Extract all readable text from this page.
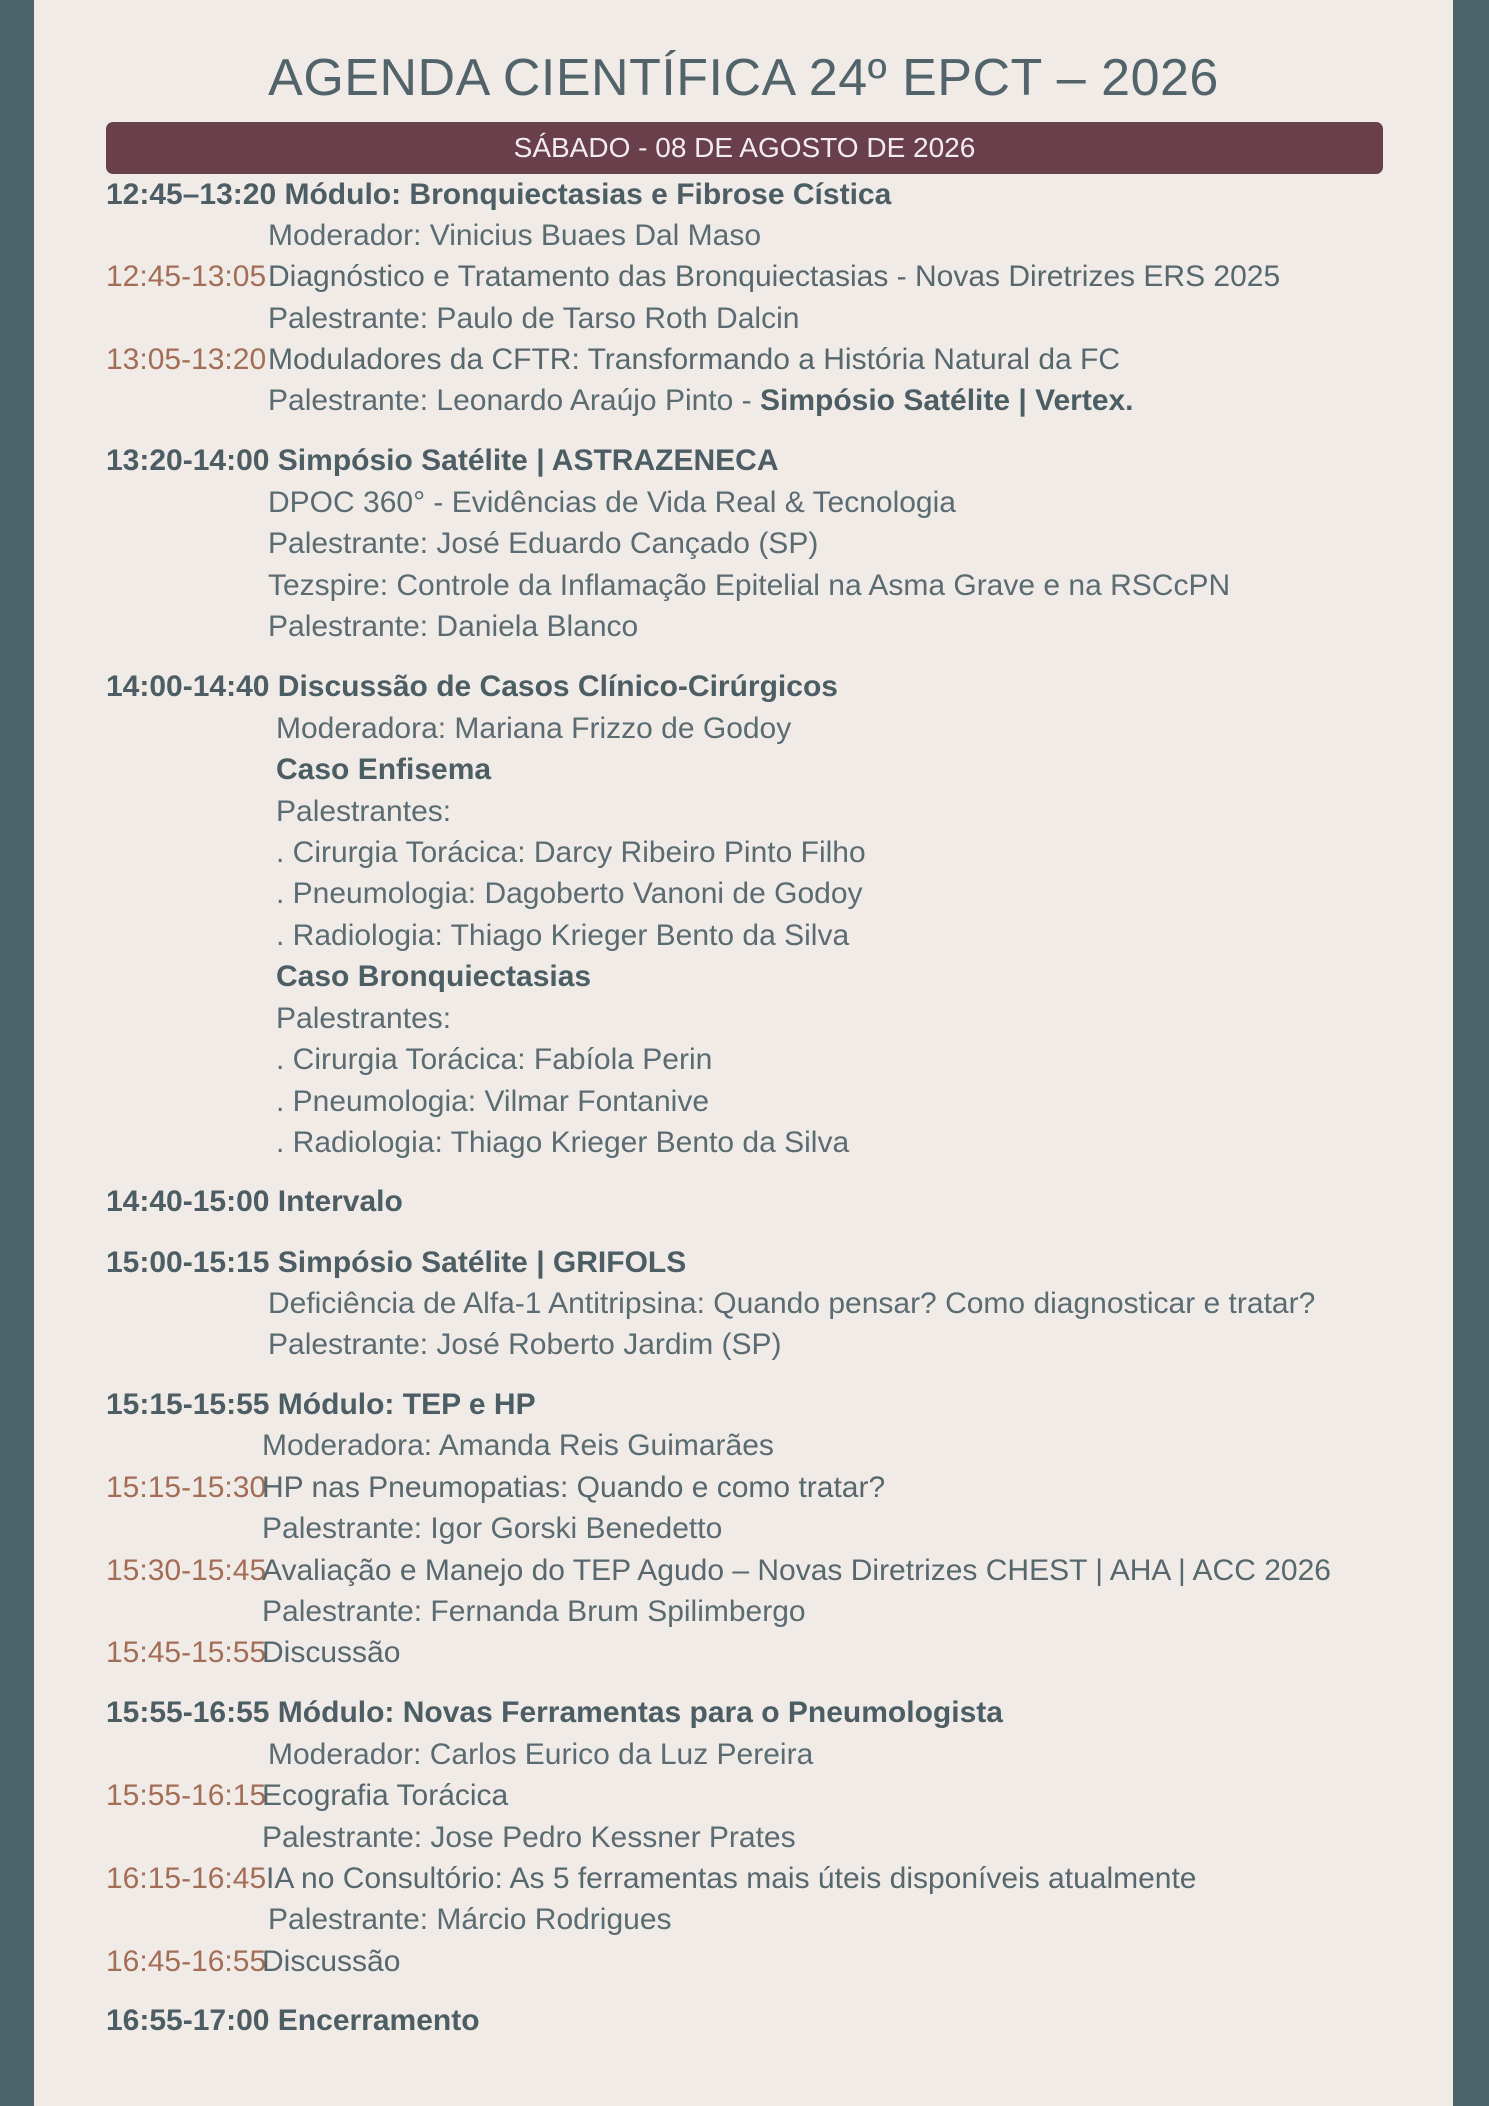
AGENDA CIENTÍFICA 24º EPCT – 2026
SÁBADO - 08 DE AGOSTO DE 2026
12:45–13:20 Módulo: Bronquiectasias e Fibrose Cística
Moderador: Vinicius Buaes Dal Maso
12:45-13:05 Diagnóstico e Tratamento das Bronquiectasias - Novas Diretrizes ERS 2025
Palestrante: Paulo de Tarso Roth Dalcin
13:05-13:20 Moduladores da CFTR: Transformando a História Natural da FC
Palestrante: Leonardo Araújo Pinto - Simpósio Satélite | Vertex.
13:20-14:00 Simpósio Satélite | ASTRAZENECA
DPOC 360° - Evidências de Vida Real & Tecnologia
Palestrante: José Eduardo Cançado (SP)
Tezspire: Controle da Inflamação Epitelial na Asma Grave e na RSCcPN
Palestrante: Daniela Blanco
14:00-14:40 Discussão de Casos Clínico-Cirúrgicos
Moderadora: Mariana Frizzo de Godoy
Caso Enfisema
Palestrantes:
. Cirurgia Torácica: Darcy Ribeiro Pinto Filho
. Pneumologia: Dagoberto Vanoni de Godoy
. Radiologia: Thiago Krieger Bento da Silva
Caso Bronquiectasias
Palestrantes:
. Cirurgia Torácica: Fabíola Perin
. Pneumologia: Vilmar Fontanive
. Radiologia: Thiago Krieger Bento da Silva
14:40-15:00 Intervalo
15:00-15:15 Simpósio Satélite | GRIFOLS
Deficiência de Alfa-1 Antitripsina: Quando pensar? Como diagnosticar e tratar?
Palestrante: José Roberto Jardim (SP)
15:15-15:55 Módulo: TEP e HP
Moderadora: Amanda Reis Guimarães
15:15-15:30
HP nas Pneumopatias: Quando e como tratar?
Palestrante: Igor Gorski Benedetto
15:30-15:45
Avaliação e Manejo do TEP Agudo – Novas Diretrizes CHEST | AHA | ACC 2026
Palestrante: Fernanda Brum Spilimbergo
15:45-15:55
Discussão
15:55-16:55 Módulo: Novas Ferramentas para o Pneumologista
Moderador: Carlos Eurico da Luz Pereira
15:55-16:15
Ecografia Torácica
Palestrante: Jose Pedro Kessner Prates
16:15-16:45 IA no Consultório: As 5 ferramentas mais úteis disponíveis atualmente
Palestrante: Márcio Rodrigues
16:45-16:55
Discussão
16:55-17:00 Encerramento
